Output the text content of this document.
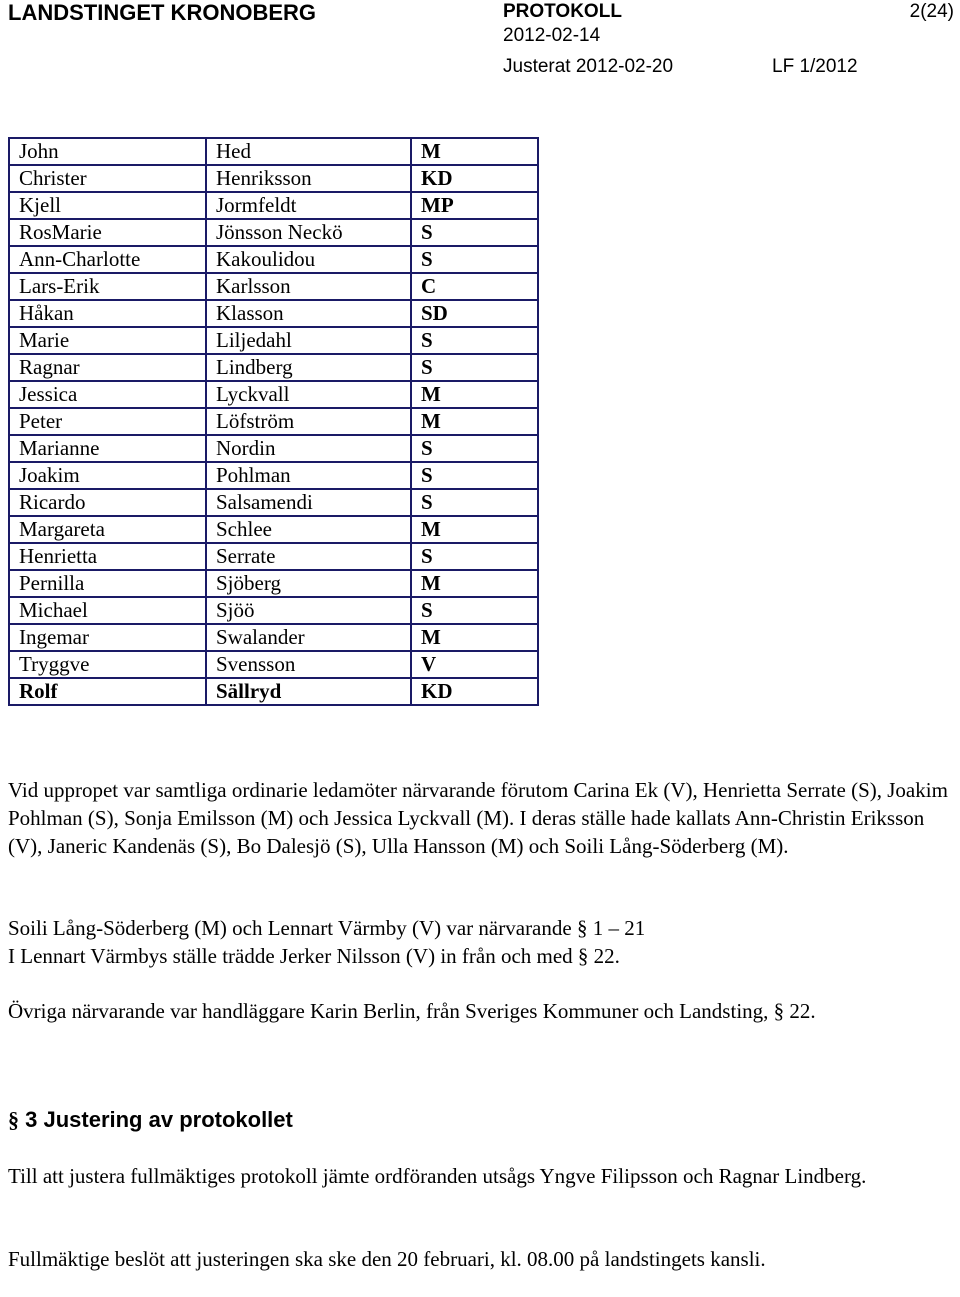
LANDSTINGET KRONOBERG	PROTOKOLL	2(24)
2012-02-14
Justerat 2012-02-20	LF 1/2012
John	Hed	M
Christer	Henriksson	KD
Kjell	Jormfeldt	MP
RosMarie	Jönsson Neckö	S
Ann-Charlotte	Kakoulidou	S
Lars-Erik	Karlsson	C
Håkan	Klasson	SD
Marie	Liljedahl	S
Ragnar	Lindberg	S
Jessica	Lyckvall	M
Peter	Löfström	M
Marianne	Nordin	S
Joakim	Pohlman	S
Ricardo	Salsamendi	S
Margareta	Schlee	M
Henrietta	Serrate	S
Pernilla	Sjöberg	M
Michael	Sjöö	S
Ingemar	Swalander	M
Tryggve	Svensson	V
Rolf	Sällryd	KD

Vid uppropet var samtliga ordinarie ledamöter närvarande förutom Carina Ek (V), Henrietta Serrate (S), Joakim Pohlman (S), Sonja Emilsson (M) och Jessica Lyckvall (M). I deras ställe hade kallats Ann-Christin Eriksson (V), Janeric Kandenäs (S), Bo Dalesjö (S), Ulla Hansson (M) och Soili Lång-Söderberg (M).

Soili Lång-Söderberg (M) och Lennart Värmby (V) var närvarande § 1 – 21

I Lennart Värmbys ställe trädde Jerker Nilsson (V) in från och med § 22.

Övriga närvarande var handläggare Karin Berlin, från Sveriges Kommuner och Landsting, § 22.

§ 3 Justering av protokollet

Till att justera fullmäktiges protokoll jämte ordföranden utsågs Yngve Filipsson och Ragnar Lindberg.

Fullmäktige beslöt att justeringen ska ske den 20 februari, kl. 08.00 på landstingets kansli.
